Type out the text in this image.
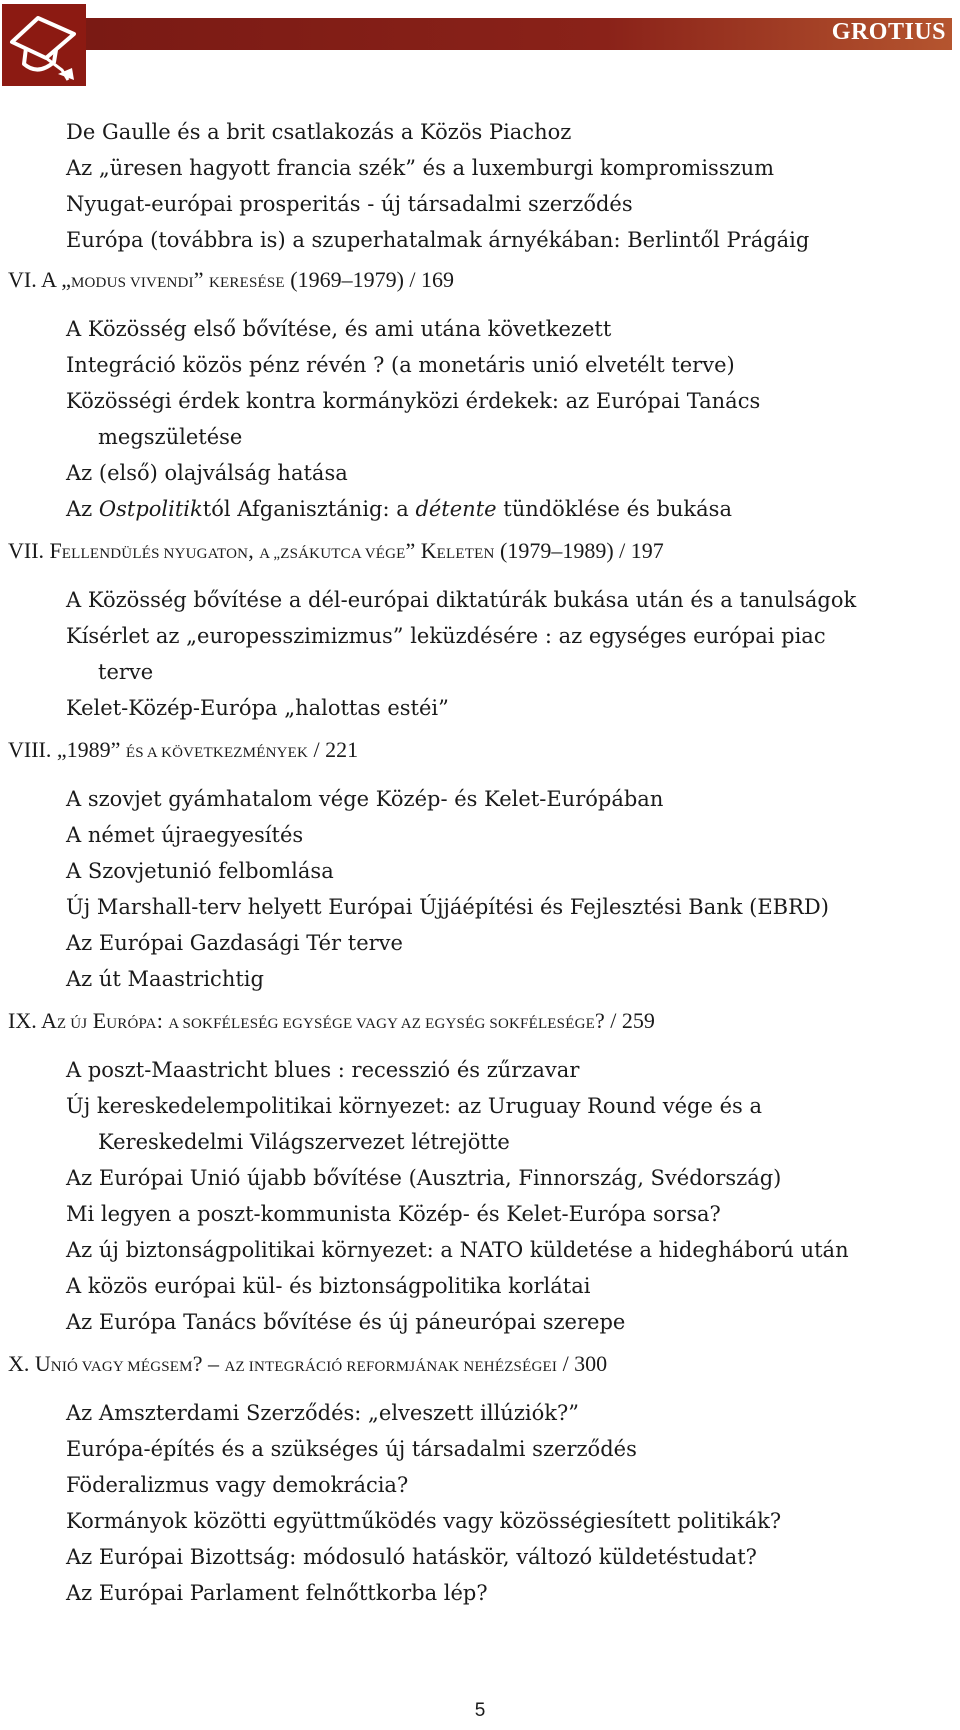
GROTIUS
De Gaulle és a brit csatlakozás a Közös Piachoz
Az „üresen hagyott francia szék” és a luxemburgi kompromisszum
Nyugat-európai prosperitás - új társadalmi szerződés
Európa (továbbra is) a szuperhatalmak árnyékában: Berlintől Prágáig
VI. A „MODUS VIVENDI” KERESÉSE (1969–1979) / 169
A Közösség első bővítése, és ami utána következett
Integráció közös pénz révén ? (a monetáris unió elvetélt terve)
Közösségi érdek kontra kormányközi érdekek: az Európai Tanács
megszületése
Az (első) olajválság hatása
Az Ostpolitiktól Afganisztánig: a détente tündöklése és bukása
VII. FELLENDÜLÉS NYUGATON, A „ZSÁKUTCA VÉGE” KELETEN (1979–1989) / 197
A Közösség bővítése a dél-európai diktatúrák bukása után és a tanulságok
Kísérlet az „europesszimizmus” leküzdésére : az egységes európai piac
terve
Kelet-Közép-Európa „halottas estéi”
VIII. „1989” ÉS A KÖVETKEZMÉNYEK / 221
A szovjet gyámhatalom vége Közép- és Kelet-Európában
A német újraegyesítés
A Szovjetunió felbomlása
Új Marshall-terv helyett Európai Újjáépítési és Fejlesztési Bank (EBRD)
Az Európai Gazdasági Tér terve
Az út Maastrichtig
IX. AZ ÚJ EURÓPA: A SOKFÉLESÉG EGYSÉGE VAGY AZ EGYSÉG SOKFÉLESÉGE? / 259
A poszt-Maastricht blues : recesszió és zűrzavar
Új kereskedelempolitikai környezet: az Uruguay Round vége és a
Kereskedelmi Világszervezet létrejötte
Az Európai Unió újabb bővítése (Ausztria, Finnország, Svédország)
Mi legyen a poszt-kommunista Közép- és Kelet-Európa sorsa?
Az új biztonságpolitikai környezet: a NATO küldetése a hidegháború után
A közös európai kül- és biztonságpolitika korlátai
Az Európa Tanács bővítése és új páneurópai szerepe
X. UNIÓ VAGY MÉGSEM? – AZ INTEGRÁCIÓ REFORMJÁNAK NEHÉZSÉGEI / 300
Az Amszterdami Szerződés: „elveszett illúziók?”
Európa-építés és a szükséges új társadalmi szerződés
Föderalizmus vagy demokrácia?
Kormányok közötti együttműködés vagy közösségiesített politikák?
Az Európai Bizottság: módosuló hatáskör, változó küldetéstudat?
Az Európai Parlament felnőttkorba lép?
5
